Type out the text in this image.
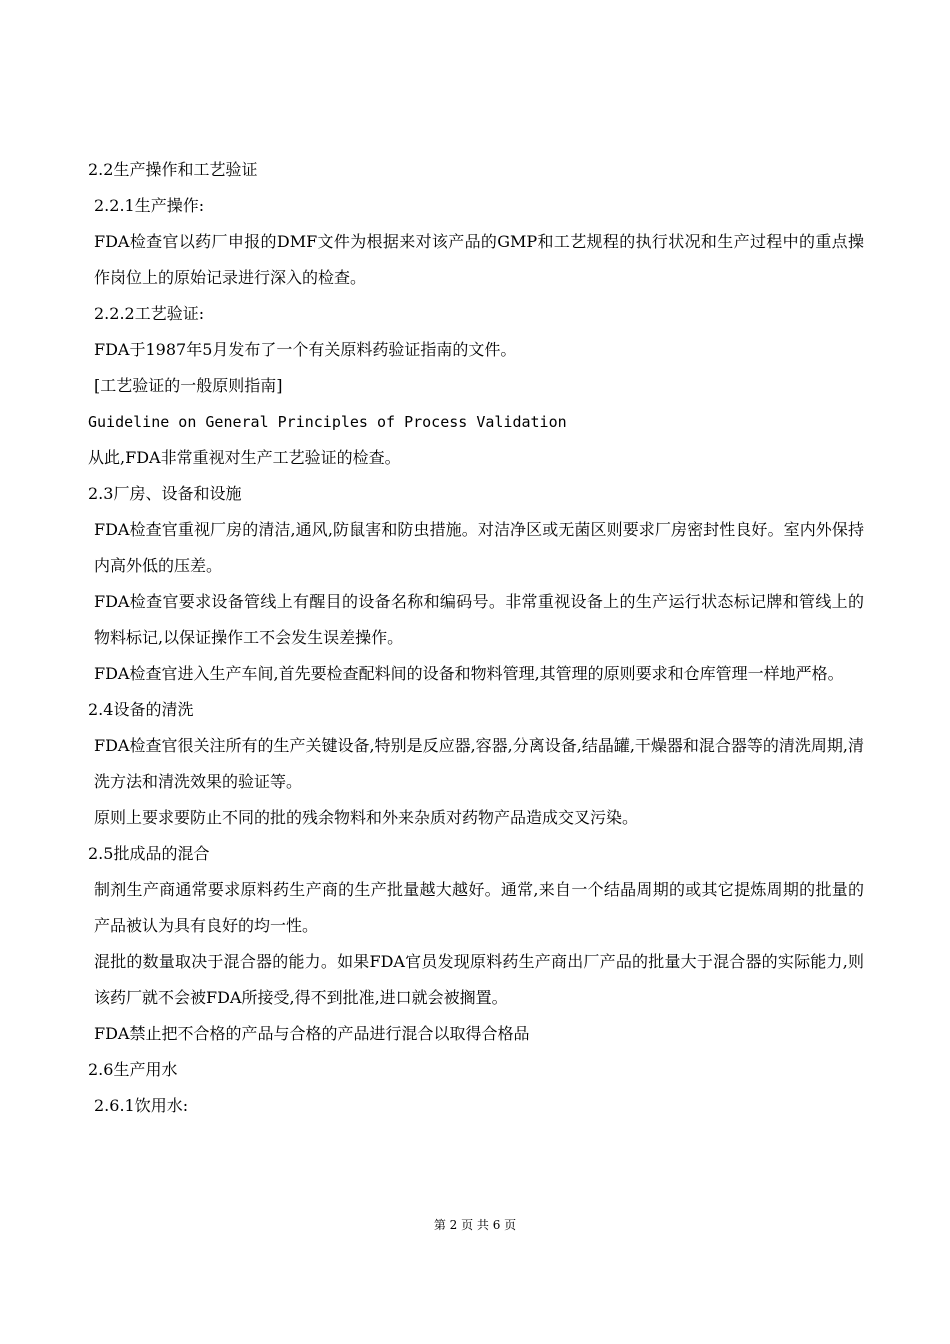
2.2生产操作和工艺验证

2.2.1生产操作:

FDA检查官以药厂申报的DMF文件为根据来对该产品的GMP和工艺规程的执行状况和生产过程中的重点操作岗位上的原始记录进行深入的检查。

2.2.2工艺验证:

FDA于1987年5月发布了一个有关原料药验证指南的文件。

[工艺验证的一般原则指南]

Guideline on General Principles of Process Validation

从此,FDA非常重视对生产工艺验证的检查。

2.3厂房、设备和设施

FDA检查官重视厂房的清洁,通风,防鼠害和防虫措施。对洁净区或无菌区则要求厂房密封性良好。室内外保持内高外低的压差。

FDA检查官要求设备管线上有醒目的设备名称和编码号。非常重视设备上的生产运行状态标记牌和管线上的物料标记,以保证操作工不会发生误差操作。

FDA检查官进入生产车间,首先要检查配料间的设备和物料管理,其管理的原则要求和仓库管理一样地严格。

2.4设备的清洗

FDA检查官很关注所有的生产关键设备,特别是反应器,容器,分离设备,结晶罐,干燥器和混合器等的清洗周期,清洗方法和清洗效果的验证等。

原则上要求要防止不同的批的残余物料和外来杂质对药物产品造成交叉污染。

2.5批成品的混合

制剂生产商通常要求原料药生产商的生产批量越大越好。通常,来自一个结晶周期的或其它提炼周期的批量的产品被认为具有良好的均一性。

混批的数量取决于混合器的能力。如果FDA官员发现原料药生产商出厂产品的批量大于混合器的实际能力,则该药厂就不会被FDA所接受,得不到批准,进口就会被搁置。

FDA禁止把不合格的产品与合格的产品进行混合以取得合格品

2.6生产用水

2.6.1饮用水:

第 2 页 共 6 页
